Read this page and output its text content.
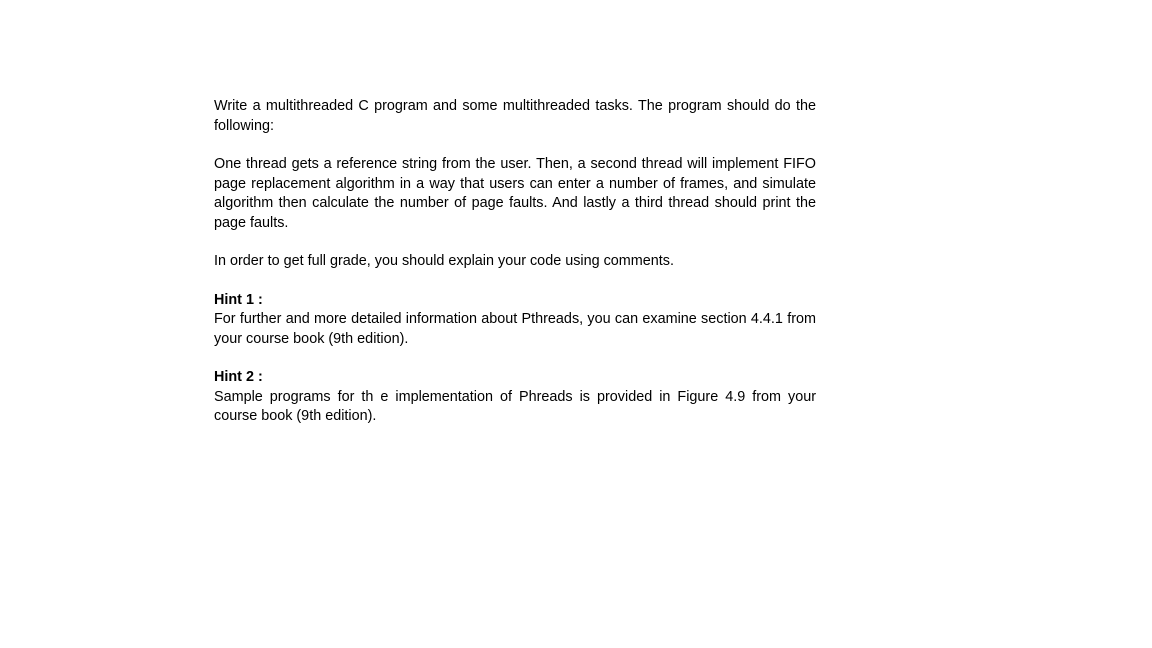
Write a multithreaded C program and some multithreaded tasks. The program should do the following:

One thread gets a reference string from the user. Then, a second thread will implement FIFO page replacement algorithm in a way that users can enter a number of frames, and simulate algorithm then calculate the number of page faults. And lastly a third thread should print the page faults.

In order to get full grade, you should explain your code using comments.

Hint 1 :

For further and more detailed information about Pthreads, you can examine section 4.4.1 from your course book (9th edition).

Hint 2 :

Sample programs for th e implementation of Phreads is provided in Figure 4.9 from your course book (9th edition).
